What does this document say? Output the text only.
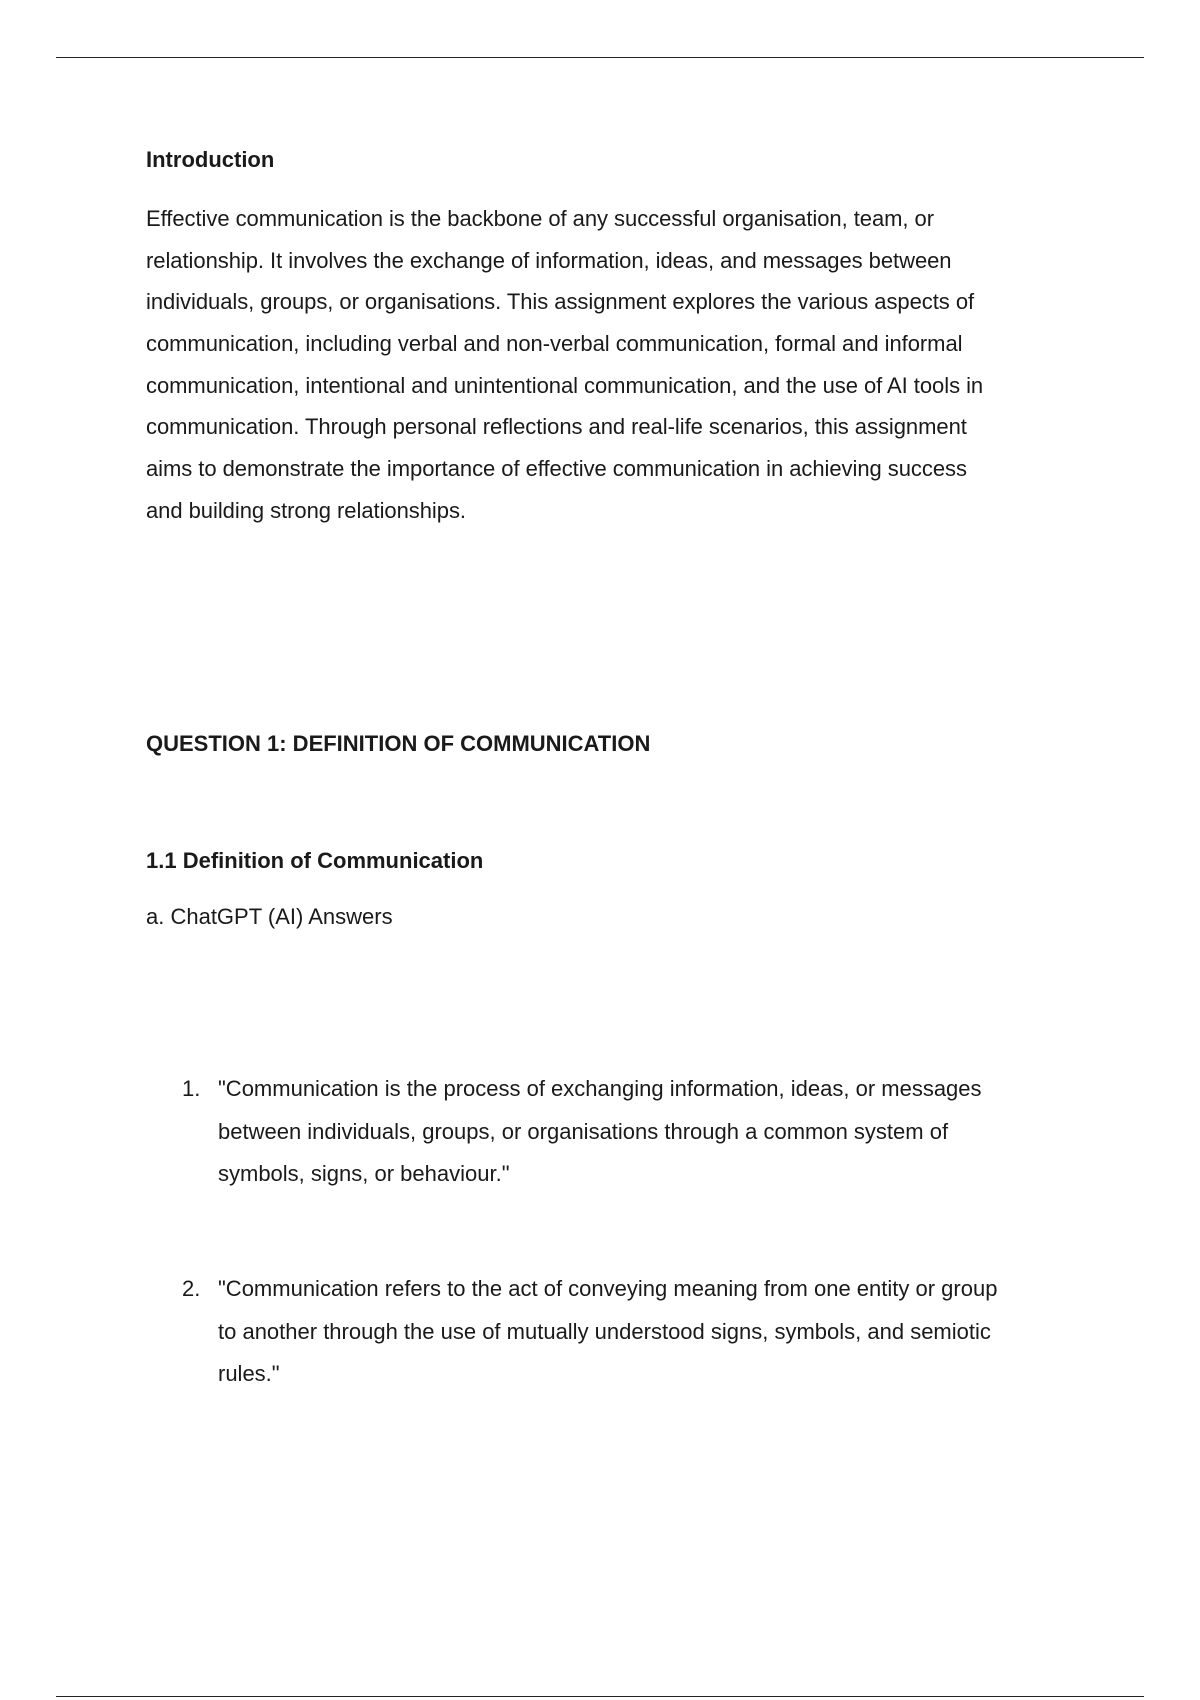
Introduction

Effective communication is the backbone of any successful organisation, team, or
relationship. It involves the exchange of information, ideas, and messages between
individuals, groups, or organisations. This assignment explores the various aspects of
communication, including verbal and non-verbal communication, formal and informal
communication, intentional and unintentional communication, and the use of AI tools in
communication. Through personal reflections and real-life scenarios, this assignment
aims to demonstrate the importance of effective communication in achieving success
and building strong relationships.

QUESTION 1: DEFINITION OF COMMUNICATION
1.1 Definition of Communication

a. ChatGPT (AI) Answers

1. "Communication is the process of exchanging information, ideas, or messages
between individuals, groups, or organisations through a common system of
symbols, signs, or behaviour."
2. "Communication refers to the act of conveying meaning from one entity or group
to another through the use of mutually understood signs, symbols, and semiotic
rules."
